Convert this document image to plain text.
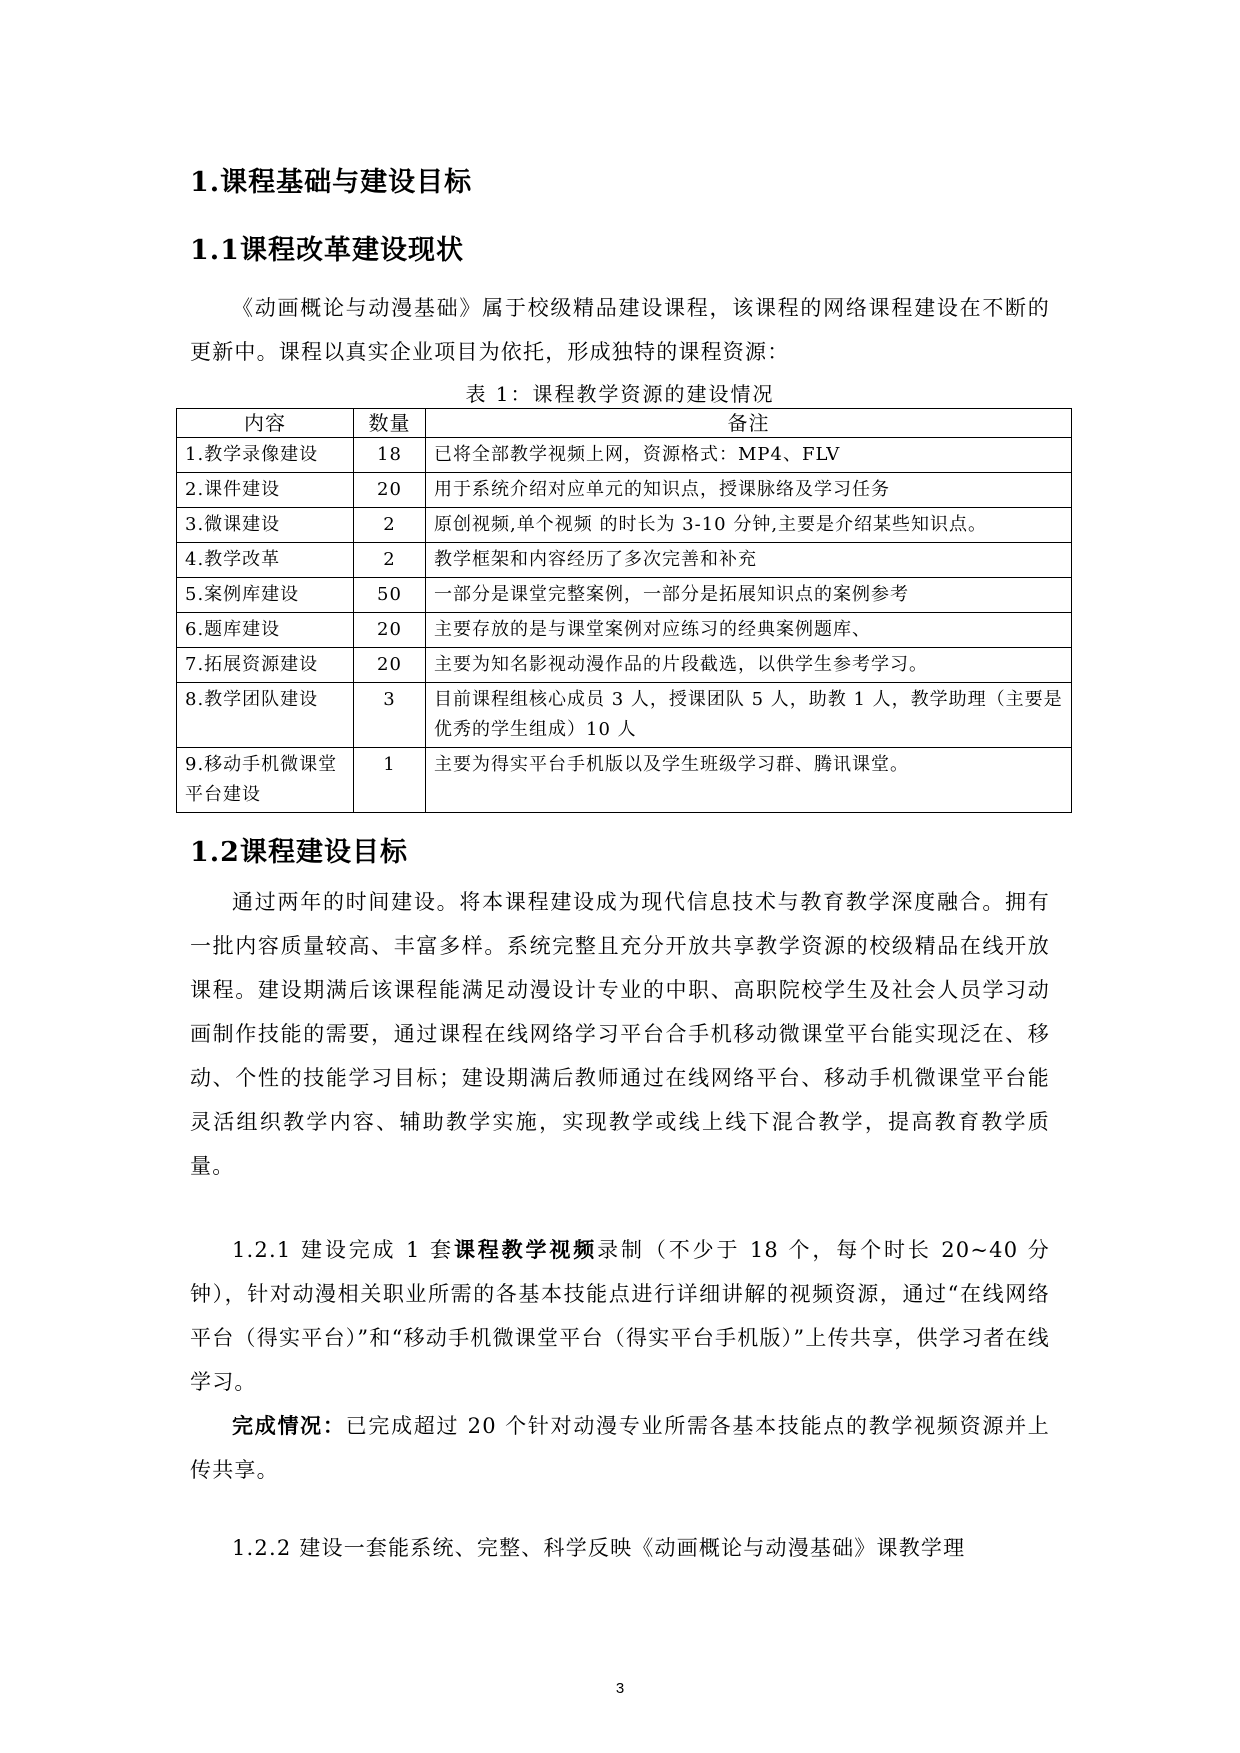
1.课程基础与建设目标
1.1课程改革建设现状

《动画概论与动漫基础》属于校级精品建设课程，该课程的网络课程建设在不断的更新中。课程以真实企业项目为依托，形成独特的课程资源：

表 1：课程教学资源的建设情况
内容	数量	备注
1.教学录像建设	18	已将全部教学视频上网，资源格式：MP4、FLV
2.课件建设	20	用于系统介绍对应单元的知识点，授课脉络及学习任务
3.微课建设	2	原创视频,单个视频 的时长为 3-10 分钟,主要是介绍某些知识点。
4.教学改革	2	教学框架和内容经历了多次完善和补充
5.案例库建设	50	一部分是课堂完整案例，一部分是拓展知识点的案例参考
6.题库建设	20	主要存放的是与课堂案例对应练习的经典案例题库、
7.拓展资源建设	20	主要为知名影视动漫作品的片段截选，以供学生参考学习。
8.教学团队建设	3	目前课程组核心成员 3 人，授课团队 5 人，助教 1 人，教学助理（主要是优秀的学生组成）10 人
9.移动手机微课堂平台建设	1	主要为得实平台手机版以及学生班级学习群、腾讯课堂。
1.2课程建设目标

通过两年的时间建设。将本课程建设成为现代信息技术与教育教学深度融合。拥有一批内容质量较高、丰富多样。系统完整且充分开放共享教学资源的校级精品在线开放课程。建设期满后该课程能满足动漫设计专业的中职、高职院校学生及社会人员学习动画制作技能的需要，通过课程在线网络学习平台合手机移动微课堂平台能实现泛在、移动、个性的技能学习目标；建设期满后教师通过在线网络平台、移动手机微课堂平台能灵活组织教学内容、辅助教学实施，实现教学或线上线下混合教学，提高教育教学质量。

1.2.1 建设完成 1 套课程教学视频录制（不少于 18 个，每个时长 20~40 分钟），针对动漫相关职业所需的各基本技能点进行详细讲解的视频资源，通过“在线网络平台（得实平台）”和“移动手机微课堂平台（得实平台手机版）”上传共享，供学习者在线学习。

完成情况：已完成超过 20 个针对动漫专业所需各基本技能点的教学视频资源并上传共享。

1.2.2 建设一套能系统、完整、科学反映《动画概论与动漫基础》课教学理

3
